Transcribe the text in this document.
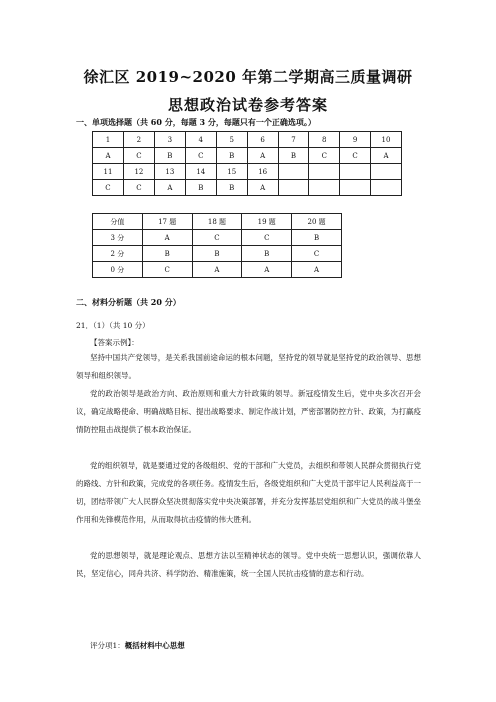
徐汇区 2019~2020 年第二学期高三质量调研
思想政治试卷参考答案
一、单项选择题（共 60 分，每题 3 分，每题只有一个正确选项。）
1	2	3	4	5	6	7	8	9	10
A	C	B	C	B	A	B	C	C	A
11	12	13	14	15	16				
C	C	A	B	B	A				
分值	17 题	18 题	19 题	20 题
3 分	A	C	C	B
2 分	B	B	B	C
0 分	C	A	A	A
二、材料分析题（共 20 分）
21．（1）（共 10 分）
【答案示例】：

坚持中国共产党领导，是关系我国前途命运的根本问题，坚持党的领导就是坚持党的政治领导、思想领导和组织领导。

党的政治领导是政治方向、政治原则和重大方针政策的领导。新冠疫情发生后，党中央多次召开会议，确定战略使命、明确战略目标、提出战略要求、制定作战计划，严密部署防控方针、政策，为打赢疫情防控阻击战提供了根本政治保证。

党的组织领导，就是要通过党的各级组织、党的干部和广大党员，去组织和带领人民群众贯彻执行党的路线、方针和政策，完成党的各项任务。疫情发生后，各级党组织和广大党员干部牢记人民利益高于一切，团结带领广大人民群众坚决贯彻落实党中央决策部署，并充分发挥基层党组织和广大党员的战斗堡垒作用和先锋模范作用，从而取得抗击疫情的伟大胜利。

党的思想领导，就是理论观点、思想方法以至精神状态的领导。党中央统一思想认识，强调依靠人民，坚定信心，同舟共济、科学防治、精准施策，统一全国人民抗击疫情的意志和行动。

评分项1：概括材料中心思想
